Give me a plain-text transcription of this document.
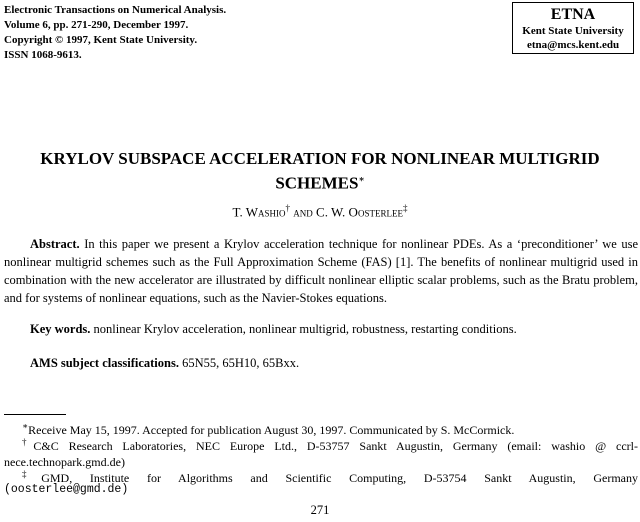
Electronic Transactions on Numerical Analysis.
Volume 6, pp. 271-290, December 1997.
Copyright © 1997, Kent State University.
ISSN 1068-9613.
ETNA
Kent State University
etna@mcs.kent.edu
KRYLOV SUBSPACE ACCELERATION FOR NONLINEAR MULTIGRID
SCHEMES∗
T. Washio† and C. W. Oosterlee‡
Abstract. In this paper we present a Krylov acceleration technique for nonlinear PDEs. As a ‘preconditioner’ we use nonlinear multigrid schemes such as the Full Approximation Scheme (FAS) [1]. The benefits of nonlinear multigrid used in combination with the new accelerator are illustrated by difficult nonlinear elliptic scalar problems, such as the Bratu problem, and for systems of nonlinear equations, such as the Navier-Stokes equations.
Key words. nonlinear Krylov acceleration, nonlinear multigrid, robustness, restarting conditions.
AMS subject classifications. 65N55, 65H10, 65Bxx.
∗Receive May 15, 1997. Accepted for publication August 30, 1997. Communicated by S. McCormick.
†C&C Research Laboratories, NEC Europe Ltd., D-53757 Sankt Augustin, Germany (email: washio @ ccrl-nece.technopark.gmd.de)
‡GMD, Institute for Algorithms and Scientific Computing, D-53754 Sankt Augustin, Germany
(oosterlee@gmd.de)
271
